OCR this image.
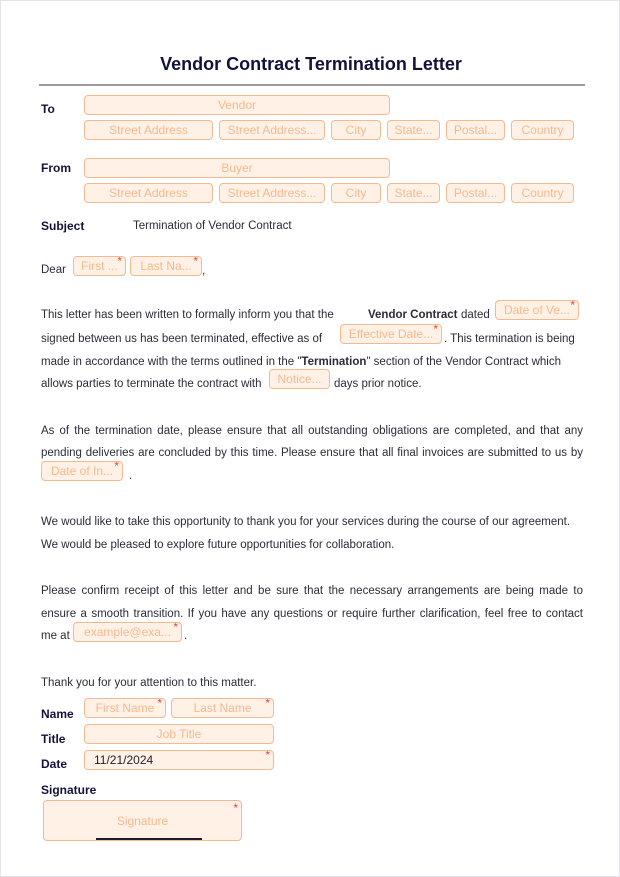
Vendor Contract Termination Letter
To	Vendor
Street Address	Street Address...	City	State...	Postal...	Country
From	Buyer
Street Address	Street Address...	City	State...	Postal...	Country
Subject	Termination of Vendor Contract
Dear	First ... *	Last Na... *
,
This letter has been written to formally inform you that the	Vendor Contract dated	Date of Ve... *
signed between us has been terminated, effective as of	Effective Date... *
. This termination is being
made in accordance with the terms outlined in the "Termination" section of the Vendor Contract which
allows parties to terminate the contract with	Notice...	days prior notice.
As of the termination date, please ensure that all outstanding obligations are completed, and that any
pending deliveries are concluded by this time. Please ensure that all final invoices are submitted to us by
Date of In... *
.
We would like to take this opportunity to thank you for your services during the course of our agreement.
We would be pleased to explore future opportunities for collaboration.
Please confirm receipt of this letter and be sure that the necessary arrangements are being made to
ensure a smooth transition. If you have any questions or require further clarification, feel free to contact
me at	example@exa... *
.
Thank you for your attention to this matter.
Name	First Name *	Last Name *
Title	Job Title
Date	11/21/2024	*
Signature
Signature
*
